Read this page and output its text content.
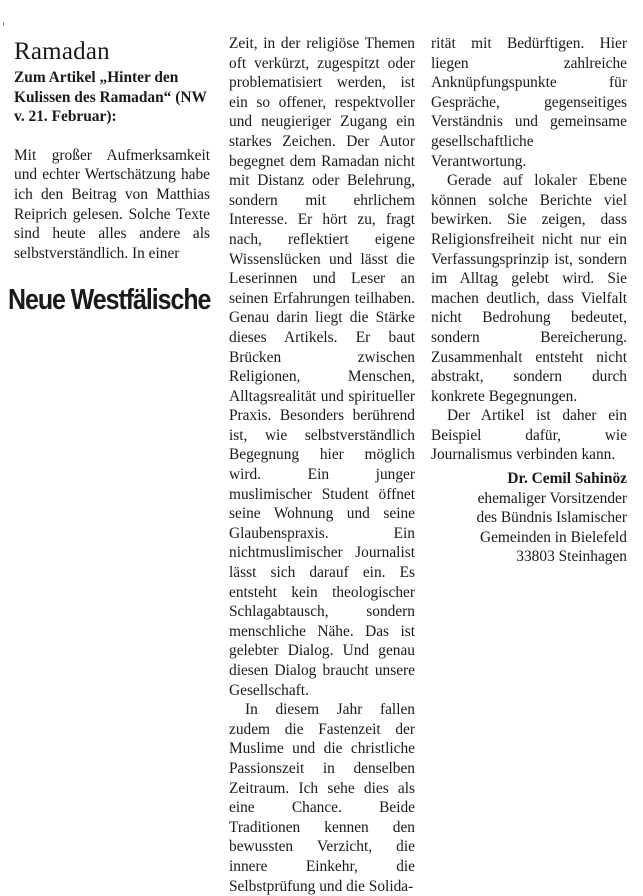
Ramadan
Zum Artikel „Hinter den Kulissen des Ramadan“ (NW v. 21. Februar):

Mit großer Aufmerksamkeit und echter Wertschätzung habe ich den Beitrag von Matthias Reiprich gelesen. Solche Texte sind heute alles andere als selbstverständlich. In einer

Neue Westfälische

Zeit, in der religiöse Themen oft verkürzt, zugespitzt oder problematisiert werden, ist ein so offener, respektvoller und neugieriger Zugang ein starkes Zeichen. Der Autor begegnet dem Ramadan nicht mit Distanz oder Belehrung, sondern mit ehrlichem Interesse. Er hört zu, fragt nach, reflektiert eigene Wissenslücken und lässt die Leserinnen und Leser an seinen Erfahrungen teilhaben. Genau darin liegt die Stärke dieses Artikels. Er baut Brücken zwischen Religionen, Menschen, Alltagsrealität und spiritueller Praxis. Besonders berührend ist, wie selbstverständlich Begegnung hier möglich wird. Ein junger muslimischer Student öffnet seine Wohnung und seine Glaubenspraxis. Ein nichtmuslimischer Journalist lässt sich darauf ein. Es entsteht kein theologischer Schlagabtausch, sondern menschliche Nähe. Das ist gelebter Dialog. Und genau diesen Dialog braucht unsere Gesellschaft.

In diesem Jahr fallen zudem die Fastenzeit der Muslime und die christliche Passionszeit in denselben Zeitraum. Ich sehe dies als eine Chance. Beide Traditionen kennen den bewussten Verzicht, die innere Einkehr, die Selbstprüfung und die Solida-

rität mit Bedürftigen. Hier liegen zahlreiche Anknüpfungspunkte für Gespräche, gegenseitiges Verständnis und gemeinsame gesellschaftliche Verantwortung.

Gerade auf lokaler Ebene können solche Berichte viel bewirken. Sie zeigen, dass Religionsfreiheit nicht nur ein Verfassungsprinzip ist, sondern im Alltag gelebt wird. Sie machen deutlich, dass Vielfalt nicht Bedrohung bedeutet, sondern Bereicherung. Zusammenhalt entsteht nicht abstrakt, sondern durch konkrete Begegnungen.

Der Artikel ist daher ein Beispiel dafür, wie Journalismus verbinden kann.

Dr. Cemil Sahinöz
ehemaliger Vorsitzender
des Bündnis Islamischer
Gemeinden in Bielefeld
33803 Steinhagen
